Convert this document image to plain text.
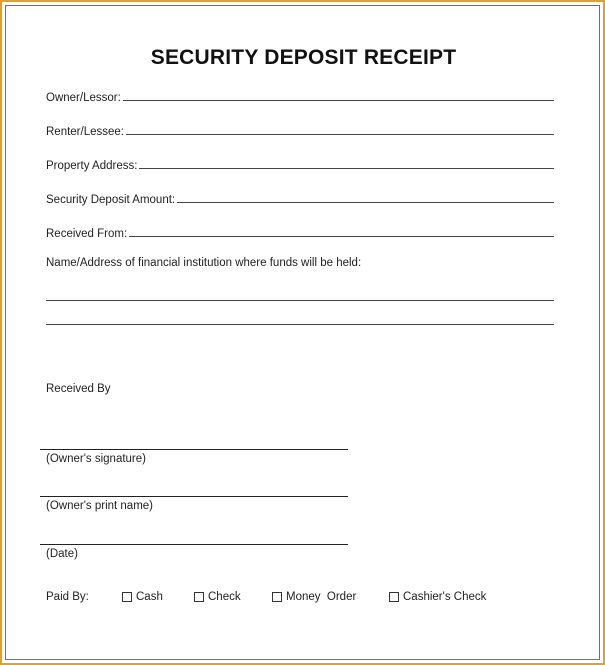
SECURITY DEPOSIT RECEIPT
Owner/Lessor:
Renter/Lessee:
Property Address:
Security Deposit Amount:
Received From:
Name/Address of financial institution where funds will be held:
Received By
(Owner's signature)
(Owner's print name)
(Date)
Paid By:	Cash	Check	Money  Order	Cashier's Check
